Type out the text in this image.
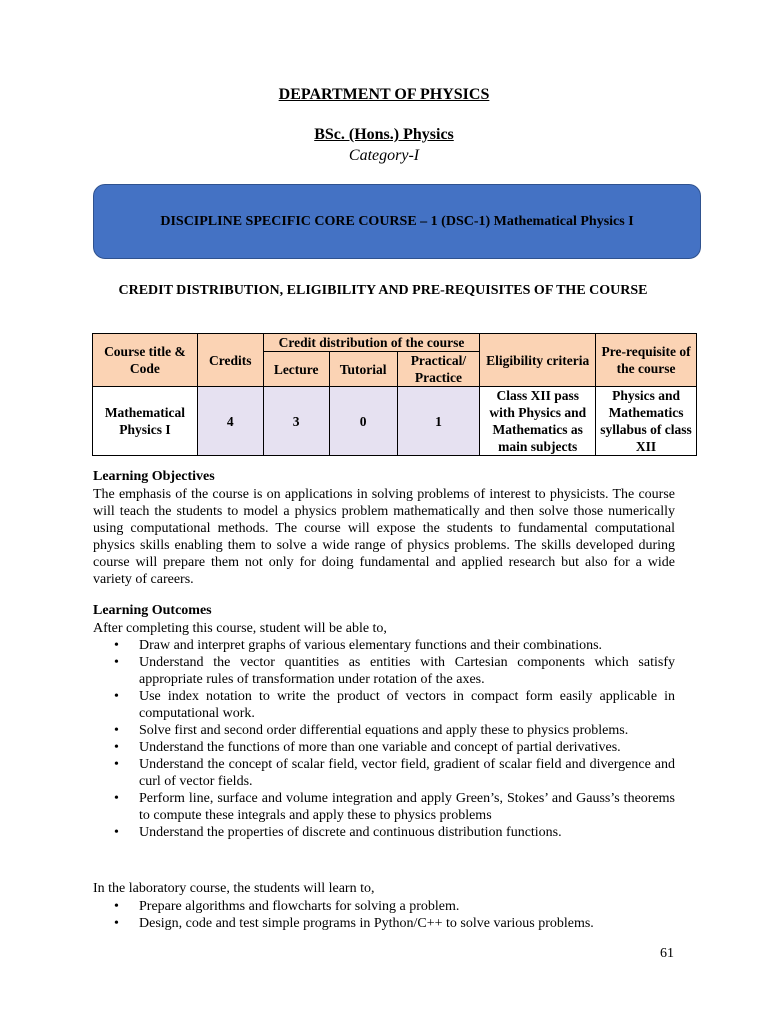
DEPARTMENT OF PHYSICS
BSc. (Hons.) Physics
Category-I
DISCIPLINE SPECIFIC CORE COURSE – 1 (DSC-1) Mathematical Physics I
CREDIT DISTRIBUTION, ELIGIBILITY AND PRE-REQUISITES OF THE COURSE
Course title & Code	Credits	Credit distribution of the course			Eligibility criteria	Pre-requisite of the course
		Lecture	Tutorial	Practical/ Practice		
Mathematical Physics I	4	3	0	1	Class XII pass with Physics and Mathematics as main subjects	Physics and Mathematics syllabus of class XII
Learning Objectives
The emphasis of the course is on applications in solving problems of interest to physicists. The course will teach the students to model a physics problem mathematically and then solve those numerically using computational methods. The course will expose the students to fundamental computational physics skills enabling them to solve a wide range of physics problems. The skills developed during course will prepare them not only for doing fundamental and applied research but also for a wide variety of careers.
Learning Outcomes
After completing this course, student will be able to,
• Draw and interpret graphs of various elementary functions and their combinations.
• Understand the vector quantities as entities with Cartesian components which satisfy appropriate rules of transformation under rotation of the axes.
• Use index notation to write the product of vectors in compact form easily applicable in computational work.
• Solve first and second order differential equations and apply these to physics problems.
• Understand the functions of more than one variable and concept of partial derivatives.
• Understand the concept of scalar field, vector field, gradient of scalar field and divergence and curl of vector fields.
• Perform line, surface and volume integration and apply Green’s, Stokes’ and Gauss’s theorems to compute these integrals and apply these to physics problems
• Understand the properties of discrete and continuous distribution functions.
In the laboratory course, the students will learn to,
• Prepare algorithms and flowcharts for solving a problem.
• Design, code and test simple programs in Python/C++ to solve various problems.
61
